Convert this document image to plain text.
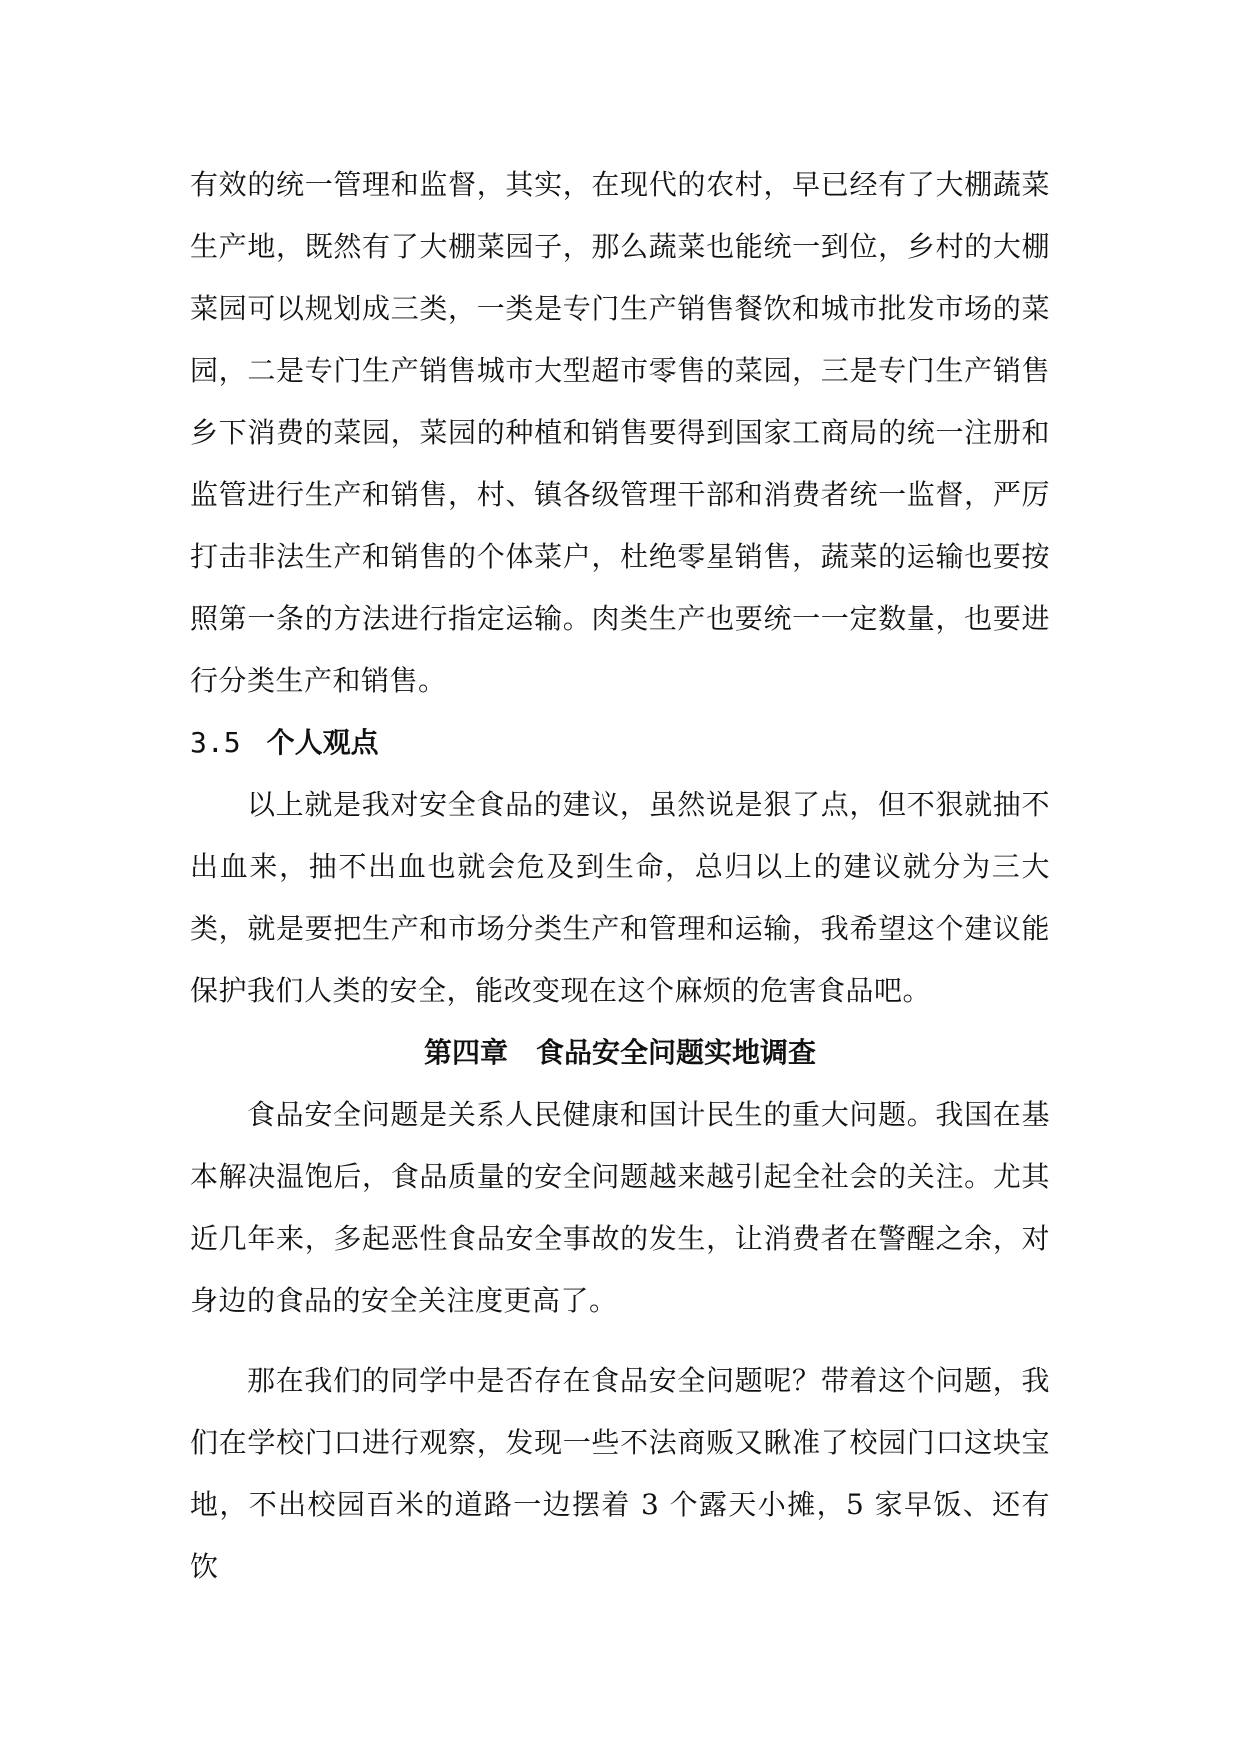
有效的统一管理和监督，其实，在现代的农村，早已经有了大棚蔬菜生产地，既然有了大棚菜园子，那么蔬菜也能统一到位，乡村的大棚菜园可以规划成三类，一类是专门生产销售餐饮和城市批发市场的菜园，二是专门生产销售城市大型超市零售的菜园，三是专门生产销售乡下消费的菜园，菜园的种植和销售要得到国家工商局的统一注册和监管进行生产和销售，村、镇各级管理干部和消费者统一监督，严厉打击非法生产和销售的个体菜户，杜绝零星销售，蔬菜的运输也要按照第一条的方法进行指定运输。肉类生产也要统一一定数量，也要进行分类生产和销售。

3.5 个人观点

以上就是我对安全食品的建议，虽然说是狠了点，但不狠就抽不出血来，抽不出血也就会危及到生命，总归以上的建议就分为三大类，就是要把生产和市场分类生产和管理和运输，我希望这个建议能保护我们人类的安全，能改变现在这个麻烦的危害食品吧。

第四章 食品安全问题实地调查

食品安全问题是关系人民健康和国计民生的重大问题。我国在基本解决温饱后，食品质量的安全问题越来越引起全社会的关注。尤其近几年来，多起恶性食品安全事故的发生，让消费者在警醒之余，对身边的食品的安全关注度更高了。

那在我们的同学中是否存在食品安全问题呢？带着这个问题，我们在学校门口进行观察，发现一些不法商贩又瞅准了校园门口这块宝地，不出校园百米的道路一边摆着 3 个露天小摊，5 家早饭、还有饮
